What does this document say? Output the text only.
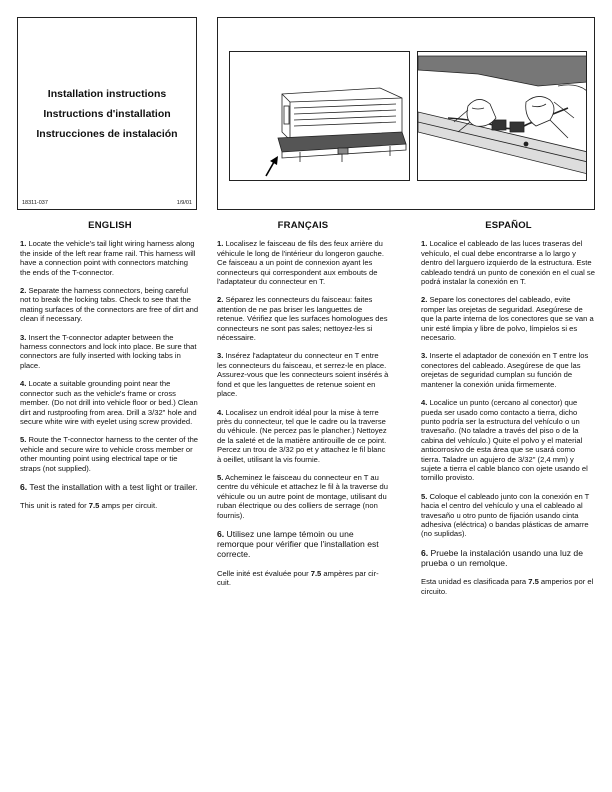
Installation instructions
Instructions d'installation
Instrucciones de instalación
18311-037	1/9/01
ENGLISH

1. Locate the vehicle's tail light wiring harness along the inside of the left rear frame rail. This harness will have a connection point with connectors matching the ends of the T-connector.

2. Separate the harness connectors, being careful not to break the locking tabs. Check to see that the mating surfaces of the connectors are free of dirt and clean if necessary.

3. Insert the T-connector adapter between the harness connectors and lock into place. Be sure that connectors are fully inserted with locking tabs in place.

4. Locate a suitable grounding point near the connector such as the vehicle's frame or cross member. (Do not drill into vehicle floor or bed.) Clean dirt and rustproofing from area. Drill a 3/32" hole and secure white wire with eyelet using screw provided.

5. Route the T-connector harness to the center of the vehicle and secure wire to vehicle cross member or other mounting point using electrical tape or tie straps (not supplied).

6. Test the installation with a test light or trailer.

This unit is rated for 7.5 amps per circuit.

FRANÇAIS

1. Localisez le faisceau de fils des feux arrière du véhicule le long de l'intérieur du longeron gauche. Ce faisceau a un point de connexion ayant les connecteurs qui correspondent aux embouts de l'adaptateur du connecteur en T.

2. Séparez les connecteurs du faisceau: faites attention de ne pas briser les languettes de retenue. Vérifiez que les surfaces homologues des connecteurs ne sont pas sales; nettoyez-les si nécessaire.

3. Insérez l'adaptateur du connecteur en T entre les connecteurs du faisceau, et serrez-le en place. Assurez-vous que les connecteurs soient insérés à fond et que les languettes de retenue soient en place.

4. Localisez un endroit idéal pour la mise à terre près du connecteur, tel que le cadre ou la traverse du véhicule. (Ne percez pas le plancher.) Nettoyez de la saleté et de la matière antirouille de ce point. Percez un trou de 3/32 po et y attachez le fil blanc à oeillet, utilisant la vis fournie.

5. Acheminez le faisceau du connecteur en T au centre du véhicule et attachez le fil à la traverse du véhicule ou un autre point de montage, utilisant du ruban électrique ou des colliers de serrage (non fournis).

6. Utilisez une lampe témoin ou une remorque pour vérifier que l'installation est correcte.

Celle inité est évaluée pour 7.5 ampères par cir-cuit.

ESPAÑOL

1. Localice el cableado de las luces traseras del vehículo, el cual debe encontrarse a lo largo y dentro del larguero izquierdo de la estructura. Este cableado tendrá un punto de conexión en el cual se podrá instalar la conexión en T.

2. Separe los conectores del cableado, evite romper las orejetas de seguridad. Asegúrese de que la parte interna de los conectores que se van a unir esté limpia y libre de polvo, límpielos si es necesario.

3. Inserte el adaptador de conexión en T entre los conectores del cableado. Asegúrese de que las orejetas de seguridad cumplan su función de mantener la conexión unida firmemente.

4. Localice un punto (cercano al conector) que pueda ser usado como contacto a tierra, dicho punto podría ser la estructura del vehículo o un travesaño. (No taladre a través del piso o de la cabina del vehículo.) Quite el polvo y el material anticorrosivo de esta área que se usará como tierra. Taladre un agujero de 3/32" (2,4 mm) y sujete a tierra el cable blanco con ojete usando el tornillo provisto.

5. Coloque el cableado junto con la conexión en T hacia el centro del vehículo y una el cableado al travesaño u otro punto de fijación usando cinta adhesiva (eléctrica) o bandas plásticas de amarre (no suplidas).

6. Pruebe la instalación usando una luz de prueba o un remolque.

Esta unidad es clasificada para 7.5 amperios por el circuito.
